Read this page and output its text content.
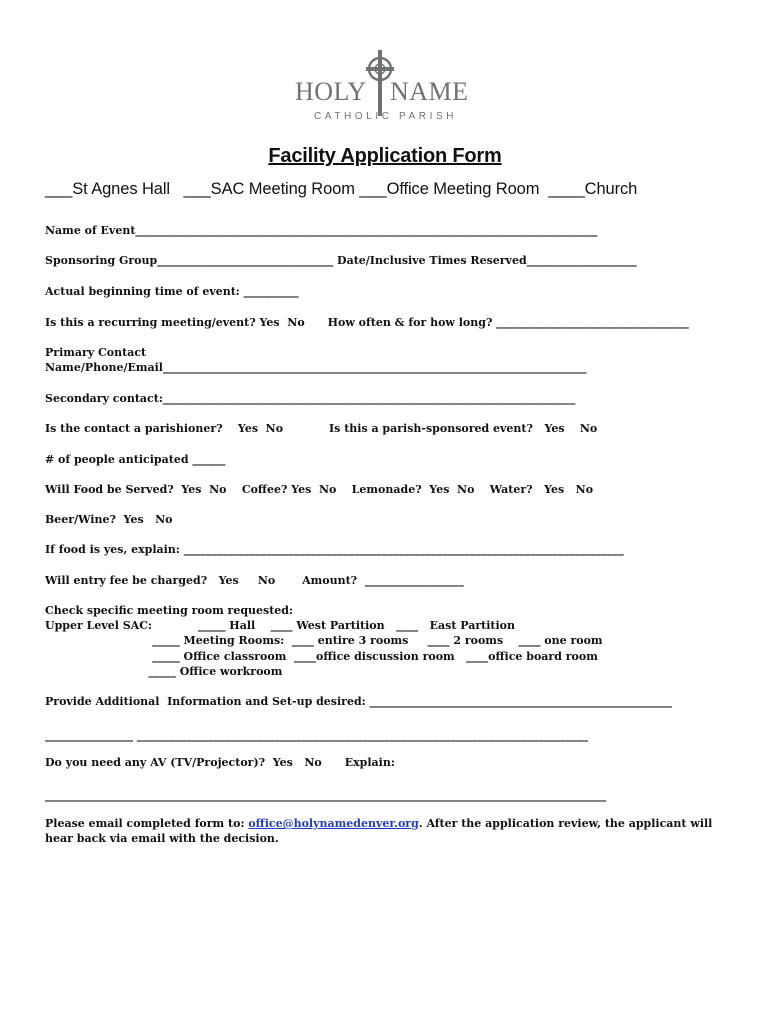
HOLY NAME
CATHOLIC PARISH
Facility Application Form
___St Agnes Hall   ___SAC Meeting Room ___Office Meeting Room  ____Church
Name of Event____________________________________________________________________________________
Sponsoring Group________________________________ Date/Inclusive Times Reserved____________________
Actual beginning time of event: __________
Is this a recurring meeting/event? Yes  No      How often & for how long? ___________________________________
Primary Contact
Name/Phone/Email_____________________________________________________________________________
Secondary contact:___________________________________________________________________________
Is the contact a parishioner?    Yes  No            Is this a parish-sponsored event?   Yes    No
# of people anticipated ______
Will Food be Served?  Yes  No    Coffee? Yes  No    Lemonade?  Yes  No    Water?   Yes   No
Beer/Wine?  Yes   No
If food is yes, explain: ________________________________________________________________________________
Will entry fee be charged?   Yes     No       Amount?  __________________
Check specific meeting room requested:
Upper Level SAC:            _____ Hall    ____ West Partition   ____   East Partition
_____ Meeting Rooms:  ____ entire 3 rooms     ____ 2 rooms    ____ one room
_____ Office classroom  ____office discussion room   ____office board room
_____ Office workroom
Provide Additional  Information and Set-up desired: _______________________________________________________
________________ __________________________________________________________________________________
Do you need any AV (TV/Projector)?  Yes   No      Explain:
______________________________________________________________________________________________________
Please email completed form to: office@holynamedenver.org. After the application review, the applicant will
hear back via email with the decision.
